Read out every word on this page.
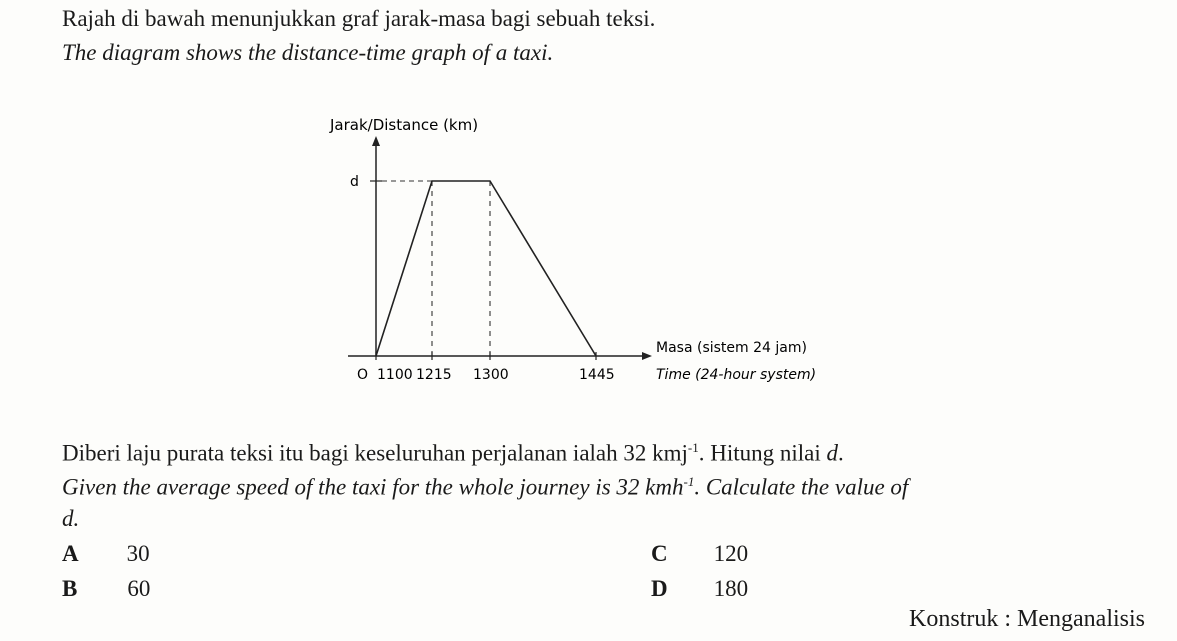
Rajah di bawah menunjukkan graf jarak-masa bagi sebuah teksi.
The diagram shows the distance-time graph of a taxi.
Jarak/Distance (km)
d
O 1100 1215 1300	1445
Masa (sistem 24 jam)
Time (24-hour system)
Diberi laju purata teksi itu bagi keseluruhan perjalanan ialah 32 kmj$^{-1}$. Hitung nilai d.
Given the average speed of the taxi for the whole journey is 32 kmh$^{-1}$. Calculate the value of
d.
A 30
B 60
C 120
D 180
Konstruk : Menganalisis
